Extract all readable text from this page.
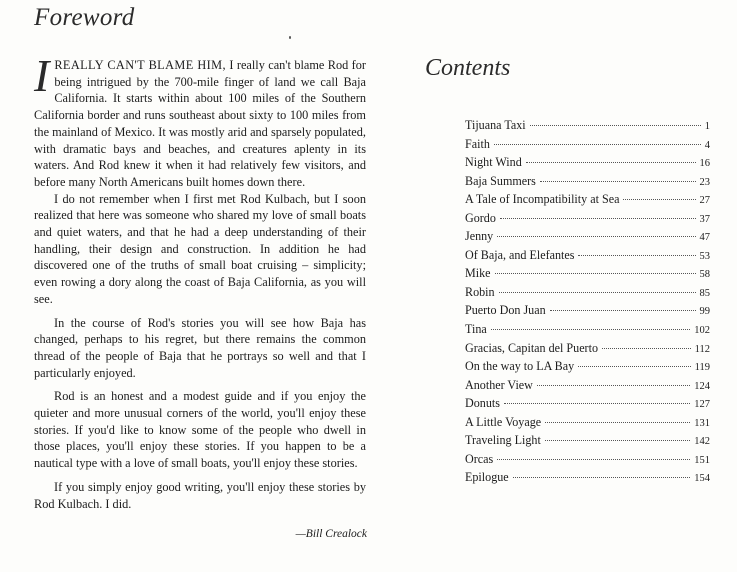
Foreword

IREALLY CAN'T BLAME HIM, I really can't blame Rod for being intrigued by the 700-mile finger of land we call Baja California. It starts within about 100 miles of the Southern California border and runs southeast about sixty to 100 miles from the mainland of Mexico. It was mostly arid and sparsely populated, with dramatic bays and beaches, and creatures aplenty in its waters. And Rod knew it when it had relatively few visitors, and before many North Americans built homes down there.

I do not remember when I first met Rod Kulbach, but I soon realized that here was someone who shared my love of small boats and quiet waters, and that he had a deep understanding of their handling, their design and construction. In addition he had discovered one of the truths of small boat cruising – simplicity; even rowing a dory along the coast of Baja California, as you will see.

In the course of Rod's stories you will see how Baja has changed, perhaps to his regret, but there remains the common thread of the people of Baja that he portrays so well and that I particularly enjoyed.

Rod is an honest and a modest guide and if you enjoy the quieter and more unusual corners of the world, you'll enjoy these stories. If you'd like to know some of the people who dwell in those places, you'll enjoy these stories. If you happen to be a nautical type with a love of small boats, you'll enjoy these stories.

If you simply enjoy good writing, you'll enjoy these stories by Rod Kulbach. I did.

—Bill Crealock
Contents
Tijuana Taxi	1
Faith	4
Night Wind	16
Baja Summers	23
A Tale of Incompatibility at Sea	27
Gordo	37
Jenny	47
Of Baja, and Elefantes	53
Mike	58
Robin	85
Puerto Don Juan	99
Tina	102
Gracias, Capitan del Puerto	112
On the way to LA Bay	119
Another View	124
Donuts	127
A Little Voyage	131
Traveling Light	142
Orcas	151
Epilogue	154
